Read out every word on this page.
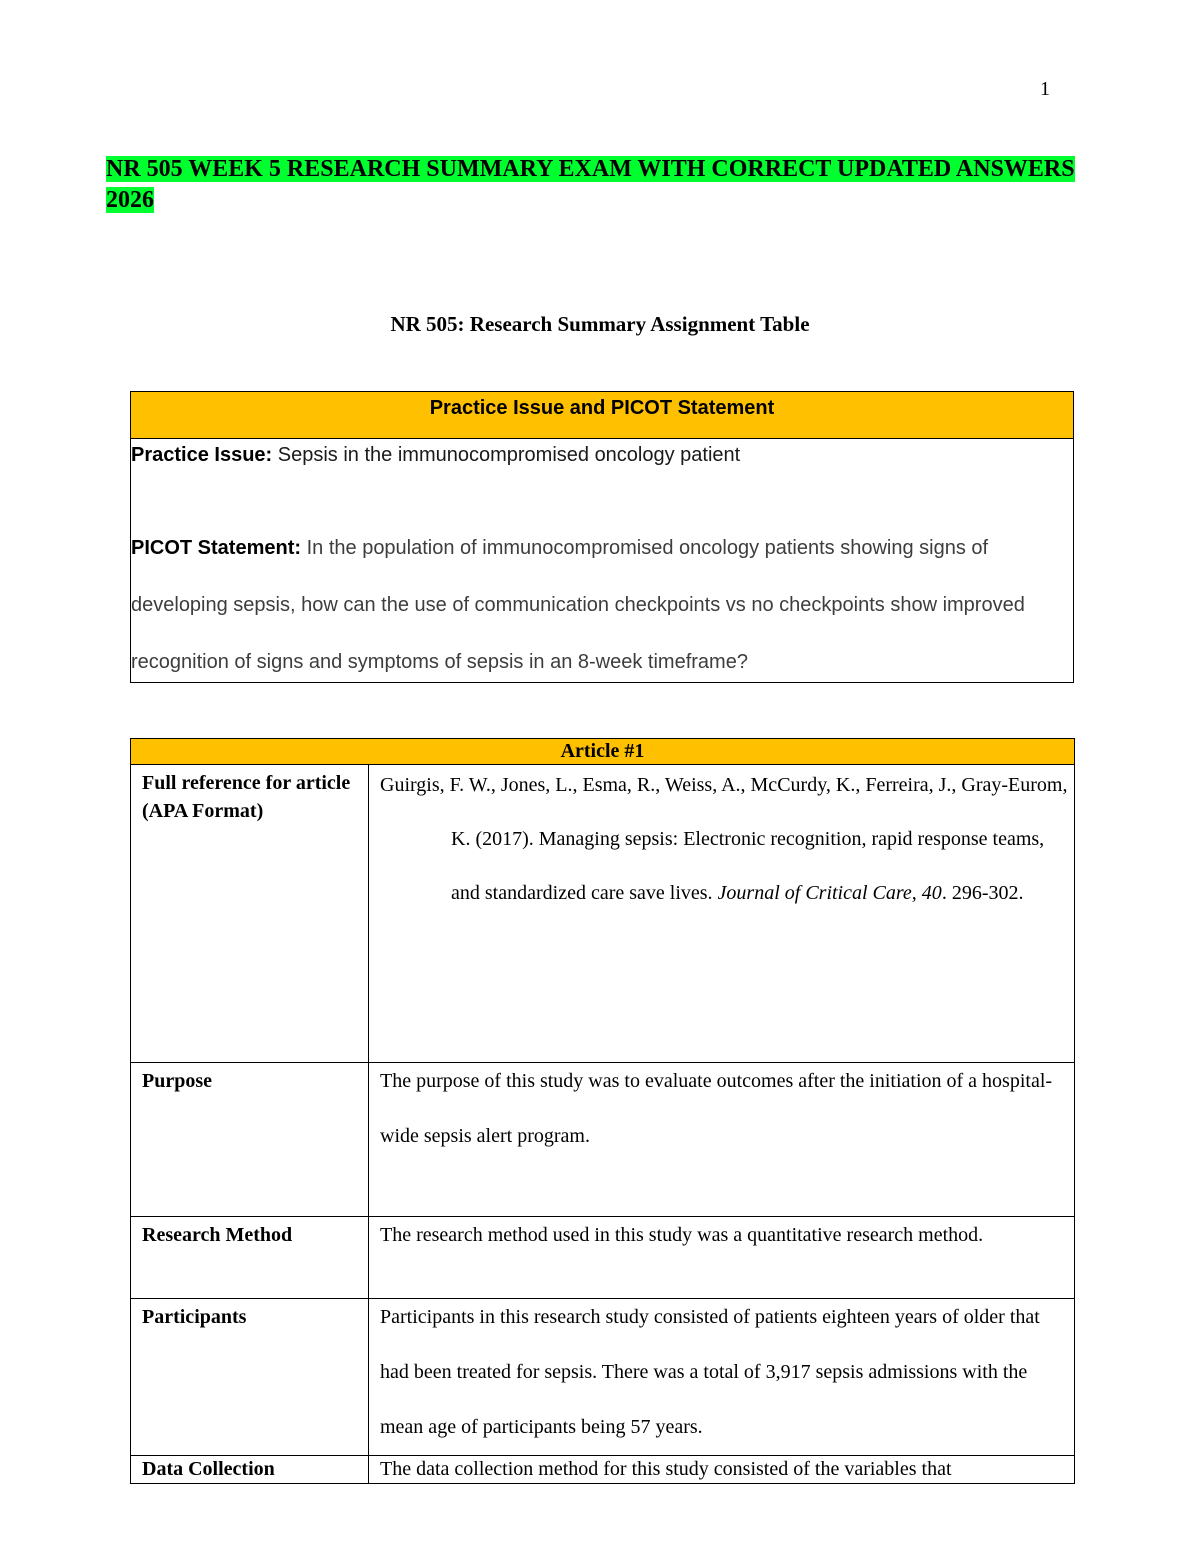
1
NR 505 WEEK 5 RESEARCH SUMMARY EXAM WITH CORRECT UPDATED ANSWERS 2026
NR 505: Research Summary Assignment Table
Practice Issue and PICOT Statement
Practice Issue: Sepsis in the immunocompromised oncology patient
PICOT Statement: In the population of immunocompromised oncology patients showing signs of developing sepsis, how can the use of communication checkpoints vs no checkpoints show improved recognition of signs and symptoms of sepsis in an 8-week timeframe?
Article #1	
Full reference for article (APA Format)	Guirgis, F. W., Jones, L., Esma, R., Weiss, A., McCurdy, K., Ferreira, J., Gray-Eurom, K. (2017). Managing sepsis: Electronic recognition, rapid response teams, and standardized care save lives. Journal of Critical Care, 40. 296-302.

Purpose	The purpose of this study was to evaluate outcomes after the initiation of a hospital-wide sepsis alert program.

Research Method	The research method used in this study was a quantitative research method.

Participants	Participants in this research study consisted of patients eighteen years of older that had been treated for sepsis. There was a total of 3,917 sepsis admissions with the mean age of participants being 57 years.

Data Collection	The data collection method for this study consisted of the variables that
